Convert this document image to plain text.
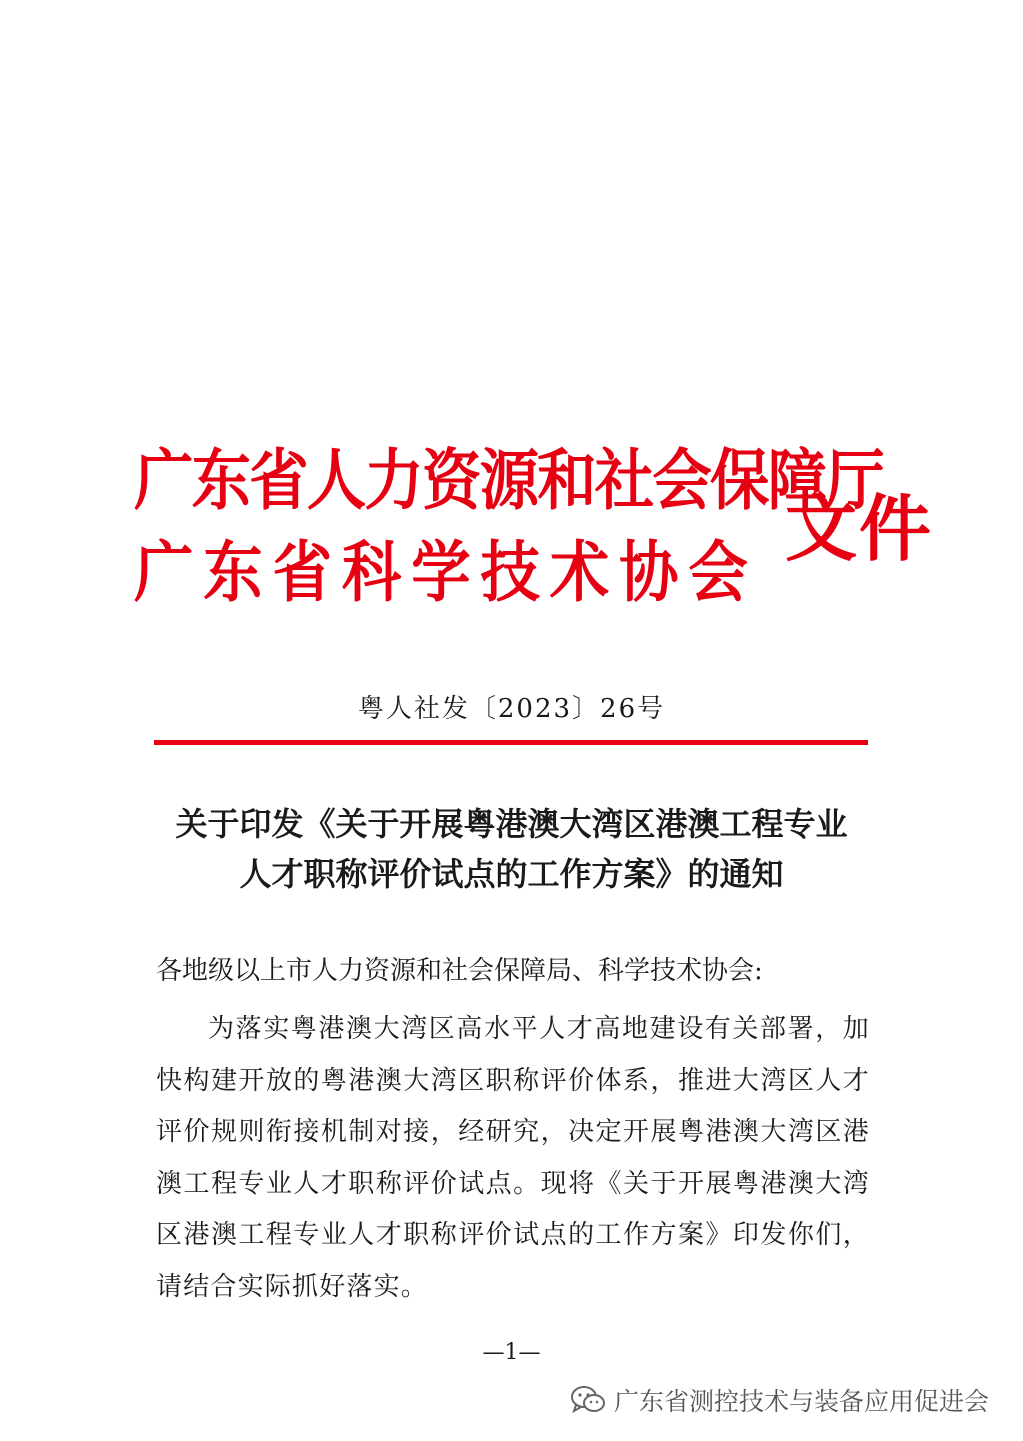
广东省人力资源和社会保障厅
广东省科学技术协会
文件
粤人社发〔2023〕26号
关于印发《关于开展粤港澳大湾区港澳工程专业
人才职称评价试点的工作方案》的通知
各地级以上市人力资源和社会保障局、科学技术协会:

为落实粤港澳大湾区高水平人才高地建设有关部署，加快构建开放的粤港澳大湾区职称评价体系，推进大湾区人才评价规则衔接机制对接，经研究，决定开展粤港澳大湾区港澳工程专业人才职称评价试点。现将《关于开展粤港澳大湾区港澳工程专业人才职称评价试点的工作方案》印发你们，请结合实际抓好落实。

—1—
广东省测控技术与装备应用促进会
